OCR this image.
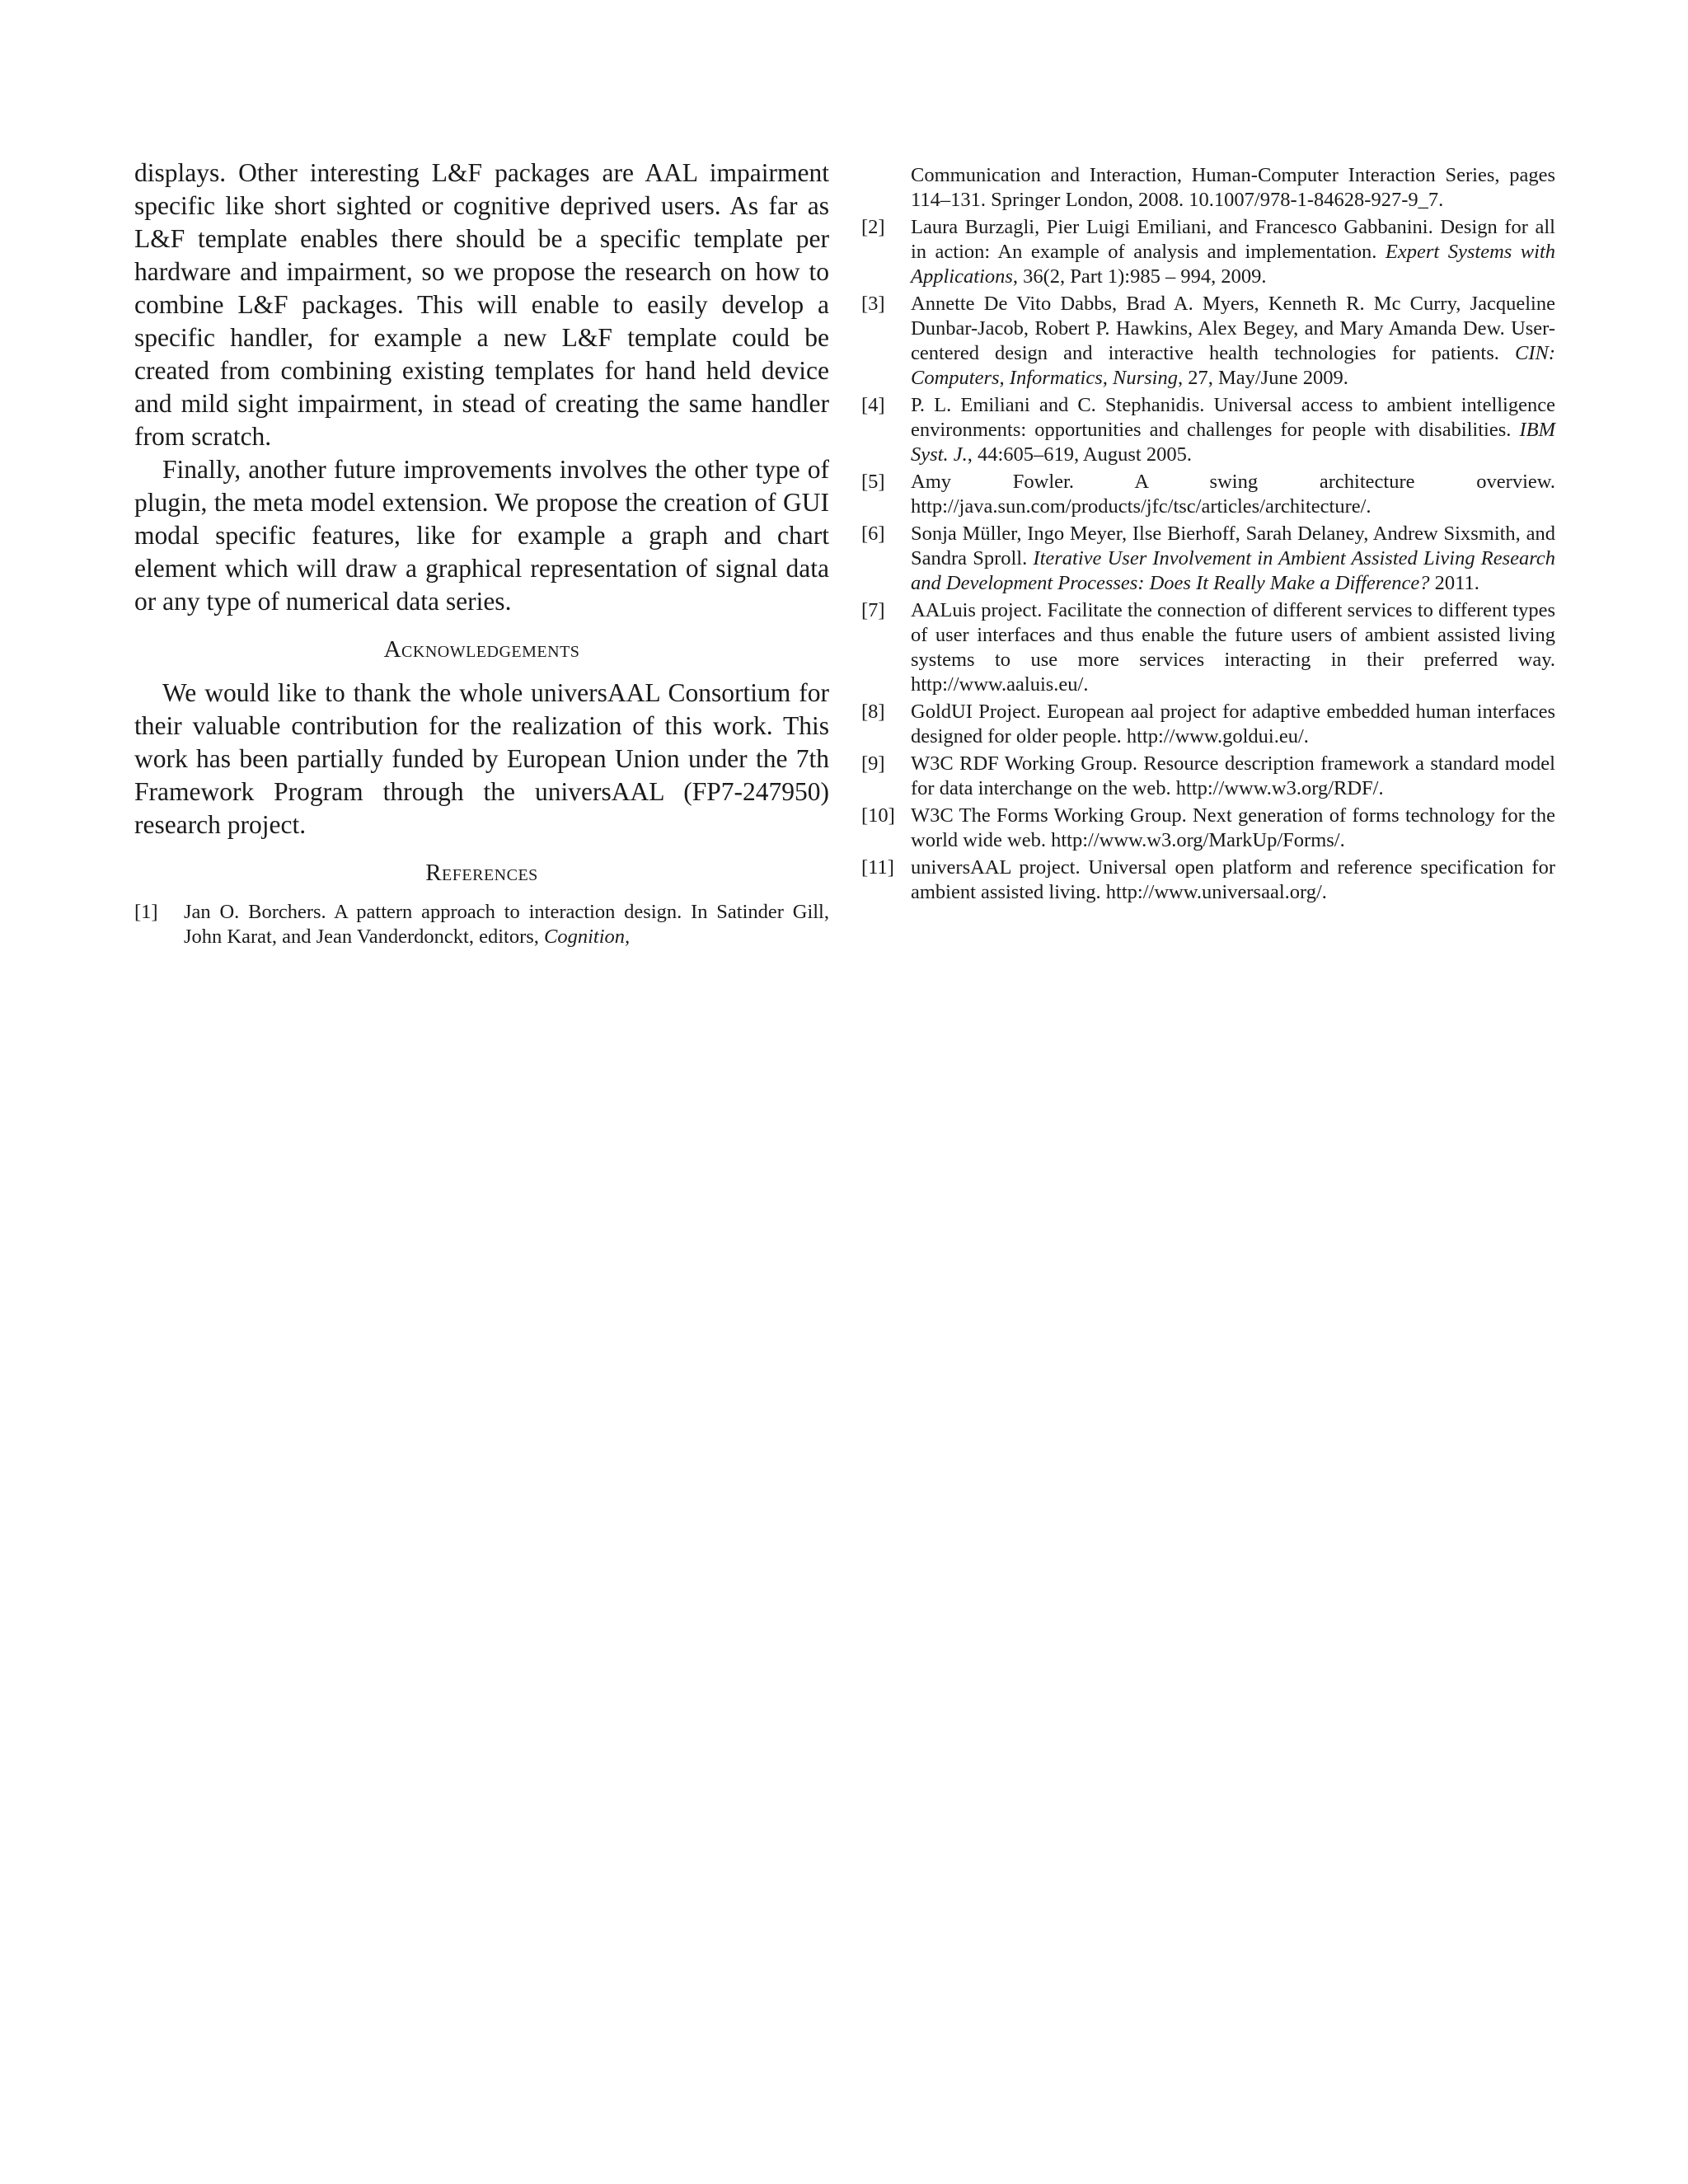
displays. Other interesting L&F packages are AAL impairment specific like short sighted or cognitive deprived users. As far as L&F template enables there should be a specific template per hardware and impairment, so we propose the research on how to combine L&F packages. This will enable to easily develop a specific handler, for example a new L&F template could be created from combining existing templates for hand held device and mild sight impairment, in stead of creating the same handler from scratch.

Finally, another future improvements involves the other type of plugin, the meta model extension. We propose the creation of GUI modal specific features, like for example a graph and chart element which will draw a graphical representation of signal data or any type of numerical data series.

Acknowledgements

We would like to thank the whole universAAL Consortium for their valuable contribution for the realization of this work. This work has been partially funded by European Union under the 7th Framework Program through the universAAL (FP7-247950) research project.

References
[1]	Jan O. Borchers. A pattern approach to interaction design. In Satinder Gill, John Karat, and Jean Vanderdonckt, editors, Cognition,
Communication and Interaction, Human-Computer Interaction Series, pages 114–131. Springer London, 2008. 10.1007/978-1-84628-927-9_7.
[2]	Laura Burzagli, Pier Luigi Emiliani, and Francesco Gabbanini. Design for all in action: An example of analysis and implementation. Expert Systems with Applications, 36(2, Part 1):985 – 994, 2009.
[3]	Annette De Vito Dabbs, Brad A. Myers, Kenneth R. Mc Curry, Jacqueline Dunbar-Jacob, Robert P. Hawkins, Alex Begey, and Mary Amanda Dew. User-centered design and interactive health technologies for patients. CIN: Computers, Informatics, Nursing, 27, May/June 2009.
[4]	P. L. Emiliani and C. Stephanidis. Universal access to ambient intelligence environments: opportunities and challenges for people with disabilities. IBM Syst. J., 44:605–619, August 2005.
[5]	Amy Fowler. A swing architecture overview. http://java.sun.com/products/jfc/tsc/articles/architecture/.
[6]	Sonja Müller, Ingo Meyer, Ilse Bierhoff, Sarah Delaney, Andrew Sixsmith, and Sandra Sproll. Iterative User Involvement in Ambient Assisted Living Research and Development Processes: Does It Really Make a Difference? 2011.
[7]	AALuis project. Facilitate the connection of different services to different types of user interfaces and thus enable the future users of ambient assisted living systems to use more services interacting in their preferred way. http://www.aaluis.eu/.
[8]	GoldUI Project. European aal project for adaptive embedded human interfaces designed for older people. http://www.goldui.eu/.
[9]	W3C RDF Working Group. Resource description framework a standard model for data interchange on the web. http://www.w3.org/RDF/.
[10] W3C The Forms Working Group. Next generation of forms technology for the world wide web. http://www.w3.org/MarkUp/Forms/.
[11] universAAL project. Universal open platform and reference specification for ambient assisted living. http://www.universaal.org/.
